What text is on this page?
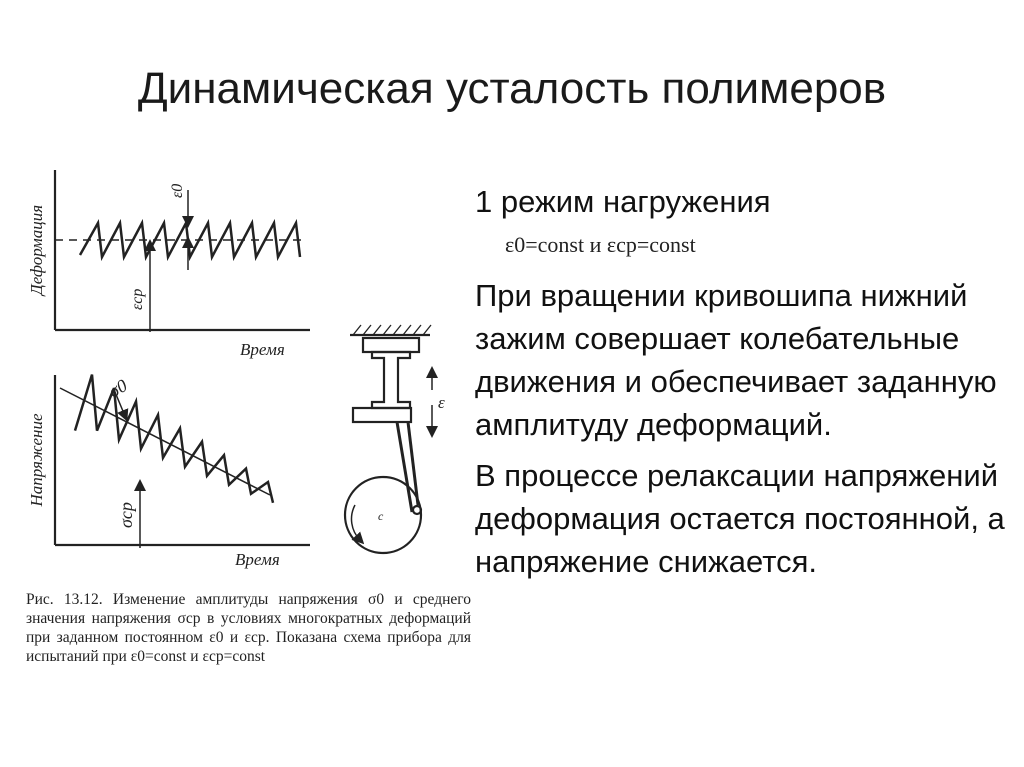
Динамическая усталость полимеров
Деформация
Время
ε0
εср
Напряжение
Время
σ0
σср
ε
с
Рис. 13.12. Изменение амплитуды напряжения σ0 и среднего значения напряжения σср в условиях многократных деформаций при заданном постоянном ε0 и εср. Показана схема прибора для испытаний при ε0=const и εср=const

1 режим нагружения

ε0=const и εср=const

При вращении кривошипа нижний зажим совершает колебательные движения и обеспечивает заданную амплитуду деформаций.

В процессе релаксации напряжений деформация остается постоянной, а напряжение снижается.
